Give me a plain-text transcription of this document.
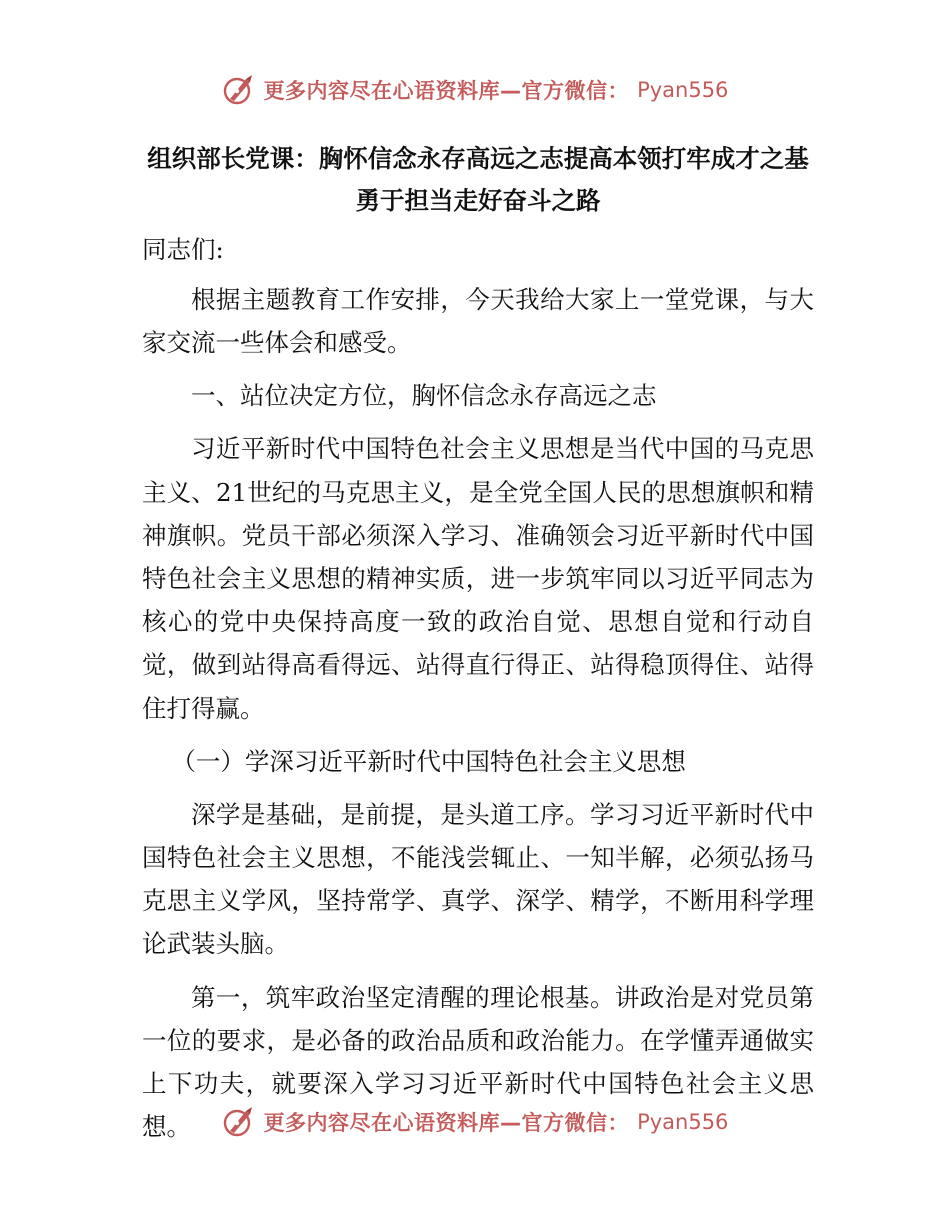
更多内容尽在心语资料库—官方微信： Pyan556
组织部长党课：胸怀信念永存高远之志提高本领打牢成才之基
勇于担当走好奋斗之路

同志们:

根据主题教育工作安排，今天我给大家上一堂党课，与大家交流一些体会和感受。

一、站位决定方位，胸怀信念永存高远之志

习近平新时代中国特色社会主义思想是当代中国的马克思主义、21世纪的马克思主义，是全党全国人民的思想旗帜和精神旗帜。党员干部必须深入学习、准确领会习近平新时代中国特色社会主义思想的精神实质，进一步筑牢同以习近平同志为核心的党中央保持高度一致的政治自觉、思想自觉和行动自觉，做到站得高看得远、站得直行得正、站得稳顶得住、站得住打得赢。

（一）学深习近平新时代中国特色社会主义思想

深学是基础，是前提，是头道工序。学习习近平新时代中国特色社会主义思想，不能浅尝辄止、一知半解，必须弘扬马克思主义学风，坚持常学、真学、深学、精学，不断用科学理论武装头脑。

第一，筑牢政治坚定清醒的理论根基。讲政治是对党员第一位的要求，是必备的政治品质和政治能力。在学懂弄通做实上下功夫，就要深入学习习近平新时代中国特色社会主义思想。	更多内容尽在心语资料库—官方微信： Pyan556
